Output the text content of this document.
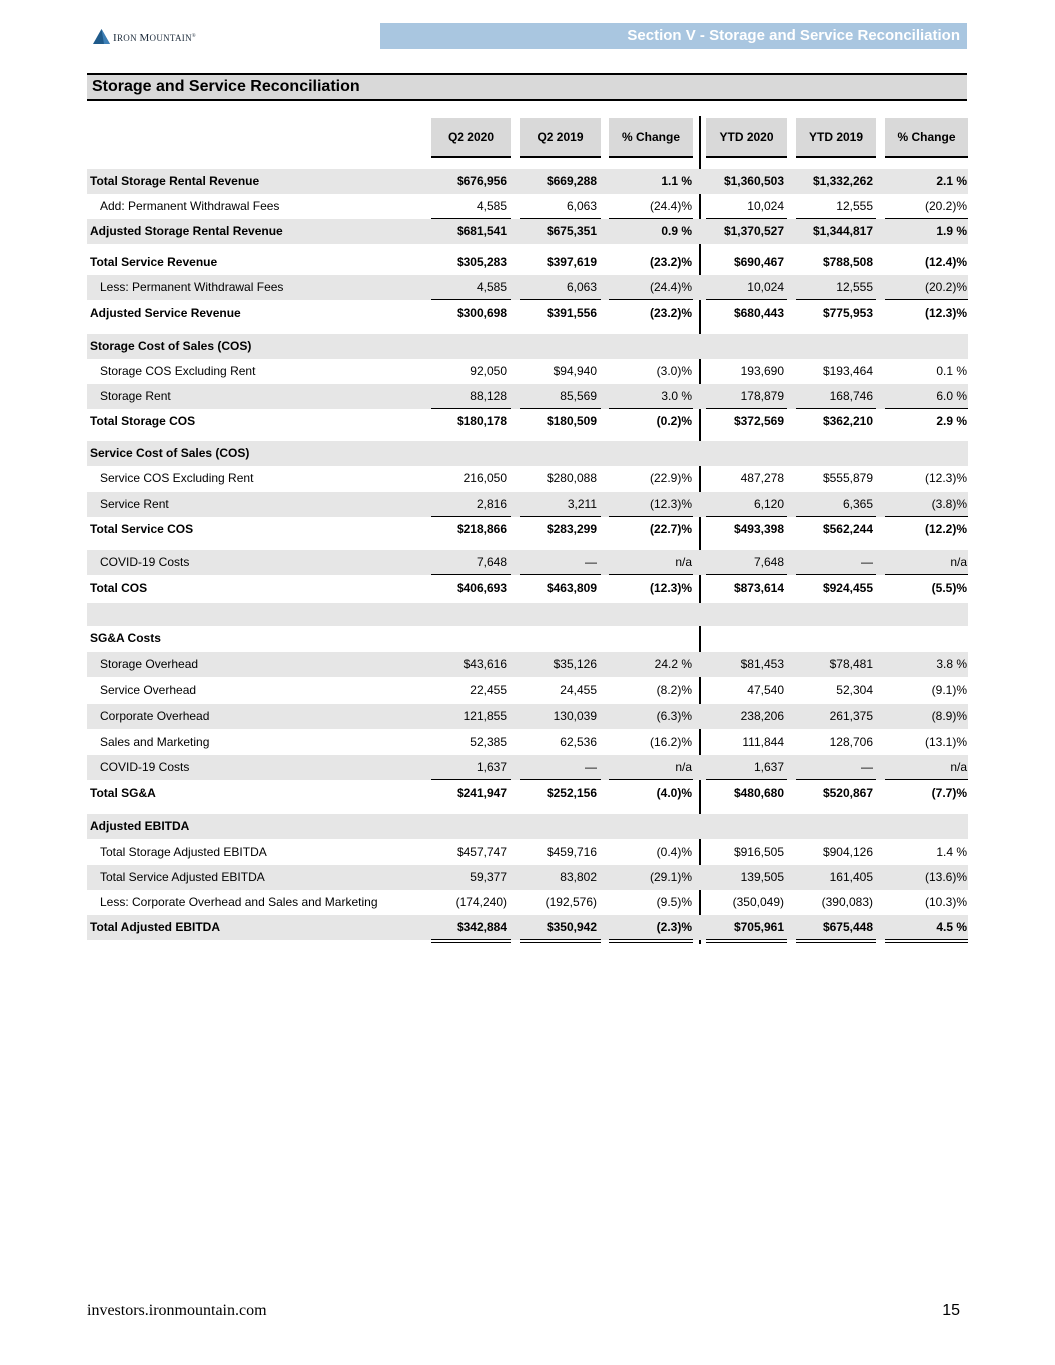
IRON MOUNTAIN®	Section V - Storage and Service Reconciliation
Storage and Service Reconciliation
Q2 2020	Q2 2019	% Change	YTD 2020	YTD 2019	% Change
Total Storage Rental Revenue	$676,956	$669,288	1.1 %	$1,360,503	$1,332,262	2.1 %
Add: Permanent Withdrawal Fees	4,585	6,063	(24.4)%	10,024	12,555	(20.2)%
Adjusted Storage Rental Revenue	$681,541	$675,351	0.9 %	$1,370,527	$1,344,817	1.9 %
Total Service Revenue	$305,283	$397,619	(23.2)%	$690,467	$788,508	(12.4)%
Less: Permanent Withdrawal Fees	4,585	6,063	(24.4)%	10,024	12,555	(20.2)%
Adjusted Service Revenue	$300,698	$391,556	(23.2)%	$680,443	$775,953	(12.3)%
Storage Cost of Sales (COS)
Storage COS Excluding Rent	92,050	$94,940	(3.0)%	193,690	$193,464	0.1 %
Storage Rent	88,128	85,569	3.0 %	178,879	168,746	6.0 %
Total Storage COS	$180,178	$180,509	(0.2)%	$372,569	$362,210	2.9 %
Service Cost of Sales (COS)
Service COS Excluding Rent	216,050	$280,088	(22.9)%	487,278	$555,879	(12.3)%
Service Rent	2,816	3,211	(12.3)%	6,120	6,365	(3.8)%
Total Service COS	$218,866	$283,299	(22.7)%	$493,398	$562,244	(12.2)%
COVID-19 Costs	7,648	—	n/a	7,648	—	n/a
Total COS	$406,693	$463,809	(12.3)%	$873,614	$924,455	(5.5)%
SG&A Costs
Storage Overhead	$43,616	$35,126	24.2 %	$81,453	$78,481	3.8 %
Service Overhead	22,455	24,455	(8.2)%	47,540	52,304	(9.1)%
Corporate Overhead	121,855	130,039	(6.3)%	238,206	261,375	(8.9)%
Sales and Marketing	52,385	62,536	(16.2)%	111,844	128,706	(13.1)%
COVID-19 Costs	1,637	—	n/a	1,637	—	n/a
Total SG&A	$241,947	$252,156	(4.0)%	$480,680	$520,867	(7.7)%
Adjusted EBITDA
Total Storage Adjusted EBITDA	$457,747	$459,716	(0.4)%	$916,505	$904,126	1.4 %
Total Service Adjusted EBITDA	59,377	83,802	(29.1)%	139,505	161,405	(13.6)%
Less: Corporate Overhead and Sales and Marketing	(174,240)	(192,576)	(9.5)%	(350,049)	(390,083)	(10.3)%
Total Adjusted EBITDA	$342,884	$350,942	(2.3)%	$705,961	$675,448	4.5 %
investors.ironmountain.com	15
